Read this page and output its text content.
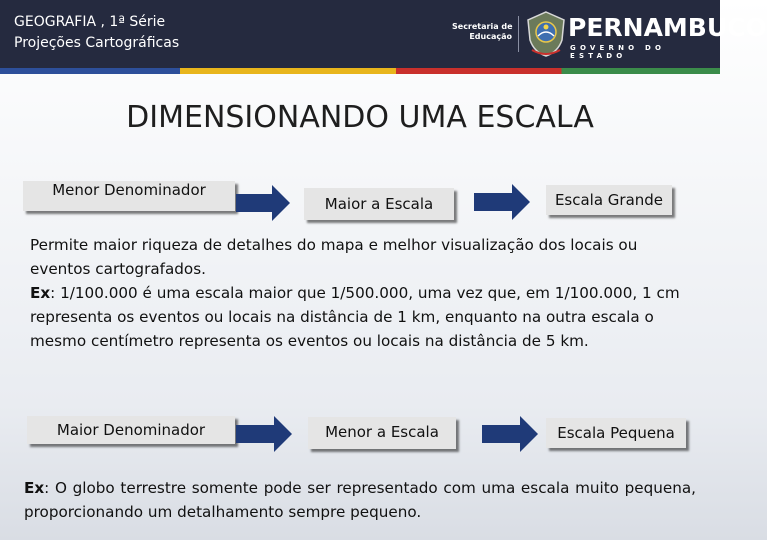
GEOGRAFIA , 1ª Série
Projeções Cartográficas
Secretaria de
Educação PERNAMBUCO
GOVERNO DO ESTADO
DIMENSIONANDO UMA ESCALA
Menor Denominador
Maior a Escala	Escala Grande
Permite maior riqueza de detalhes do mapa e melhor visualização dos locais ou eventos cartografados.
Ex: 1/100.000 é uma escala maior que 1/500.000, uma vez que, em 1/100.000, 1 cm representa os eventos ou locais na distância de 1 km, enquanto na outra escala o mesmo centímetro representa os eventos ou locais na distância de 5 km.
Maior Denominador	Menor a Escala	Escala Pequena
Ex: O globo terrestre somente pode ser representado com uma escala muito pequena, proporcionando um detalhamento sempre pequeno.
